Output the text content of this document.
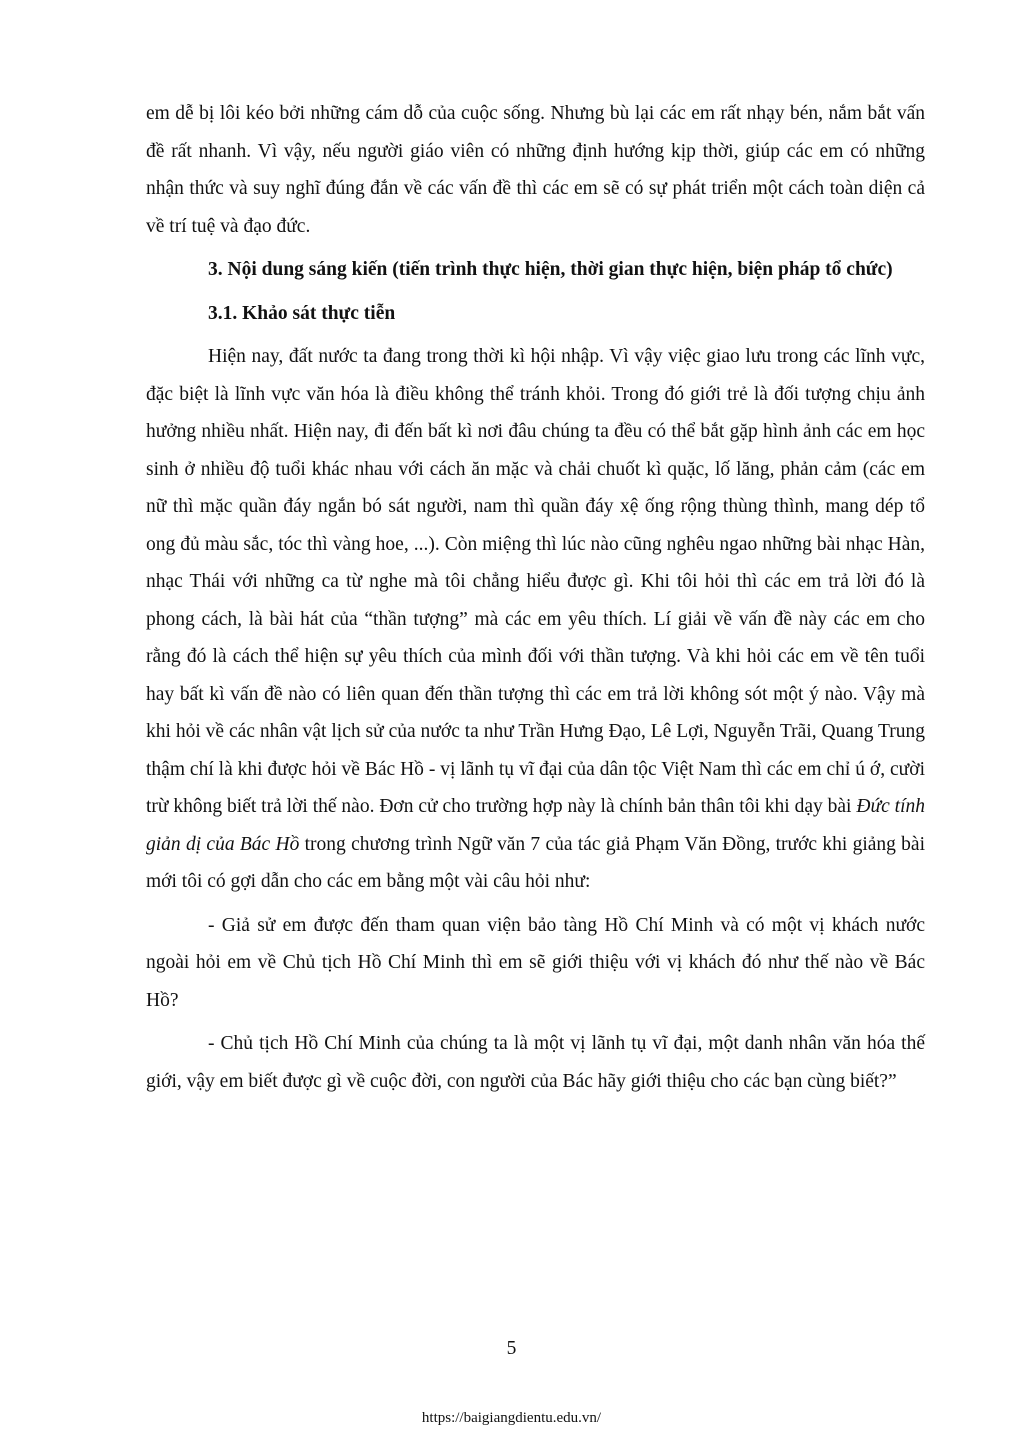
em dễ bị lôi kéo bởi những cám dỗ của cuộc sống. Nhưng bù lại các em rất nhạy bén, nắm bắt vấn đề rất nhanh. Vì vậy, nếu người giáo viên có những định hướng kịp thời, giúp các em có những nhận thức và suy nghĩ đúng đắn về các vấn đề thì các em sẽ có sự phát triển một cách toàn diện cả về trí tuệ và đạo đức.

3. Nội dung sáng kiến (tiến trình thực hiện, thời gian thực hiện, biện pháp tổ chức)

3.1. Khảo sát thực tiễn

Hiện nay, đất nước ta đang trong thời kì hội nhập. Vì vậy việc giao lưu trong các lĩnh vực, đặc biệt là lĩnh vực văn hóa là điều không thể tránh khỏi. Trong đó giới trẻ là đối tượng chịu ảnh hưởng nhiều nhất. Hiện nay, đi đến bất kì nơi đâu chúng ta đều có thể bắt gặp hình ảnh các em học sinh ở nhiều độ tuổi khác nhau với cách ăn mặc và chải chuốt kì quặc, lố lăng, phản cảm (các em nữ thì mặc quần đáy ngắn bó sát người, nam thì quần đáy xệ ống rộng thùng thình, mang dép tổ ong đủ màu sắc, tóc thì vàng hoe, ...). Còn miệng thì lúc nào cũng nghêu ngao những bài nhạc Hàn, nhạc Thái với những ca từ nghe mà tôi chẳng hiểu được gì. Khi tôi hỏi thì các em trả lời đó là phong cách, là bài hát của “thần tượng” mà các em yêu thích. Lí giải về vấn đề này các em cho rằng đó là cách thể hiện sự yêu thích của mình đối với thần tượng. Và khi hỏi các em về tên tuổi hay bất kì vấn đề nào có liên quan đến thần tượng thì các em trả lời không sót một ý nào. Vậy mà khi hỏi về các nhân vật lịch sử của nước ta như Trần Hưng Đạo, Lê Lợi, Nguyễn Trãi, Quang Trung thậm chí là khi được hỏi về Bác Hồ - vị lãnh tụ vĩ đại của dân tộc Việt Nam thì các em chỉ ú ớ, cười trừ không biết trả lời thế nào. Đơn cử cho trường hợp này là chính bản thân tôi khi dạy bài Đức tính giản dị của Bác Hồ trong chương trình Ngữ văn 7 của tác giả Phạm Văn Đồng, trước khi giảng bài mới tôi có gợi dẫn cho các em bằng một vài câu hỏi như:

- Giả sử em được đến tham quan viện bảo tàng Hồ Chí Minh và có một vị khách nước ngoài hỏi em về Chủ tịch Hồ Chí Minh thì em sẽ giới thiệu với vị khách đó như thế nào về Bác Hồ?

- Chủ tịch Hồ Chí Minh của chúng ta là một vị lãnh tụ vĩ đại, một danh nhân văn hóa thế giới, vậy em biết được gì về cuộc đời, con người của Bác hãy giới thiệu cho các bạn cùng biết?”

5
https://baigiangdientu.edu.vn/
